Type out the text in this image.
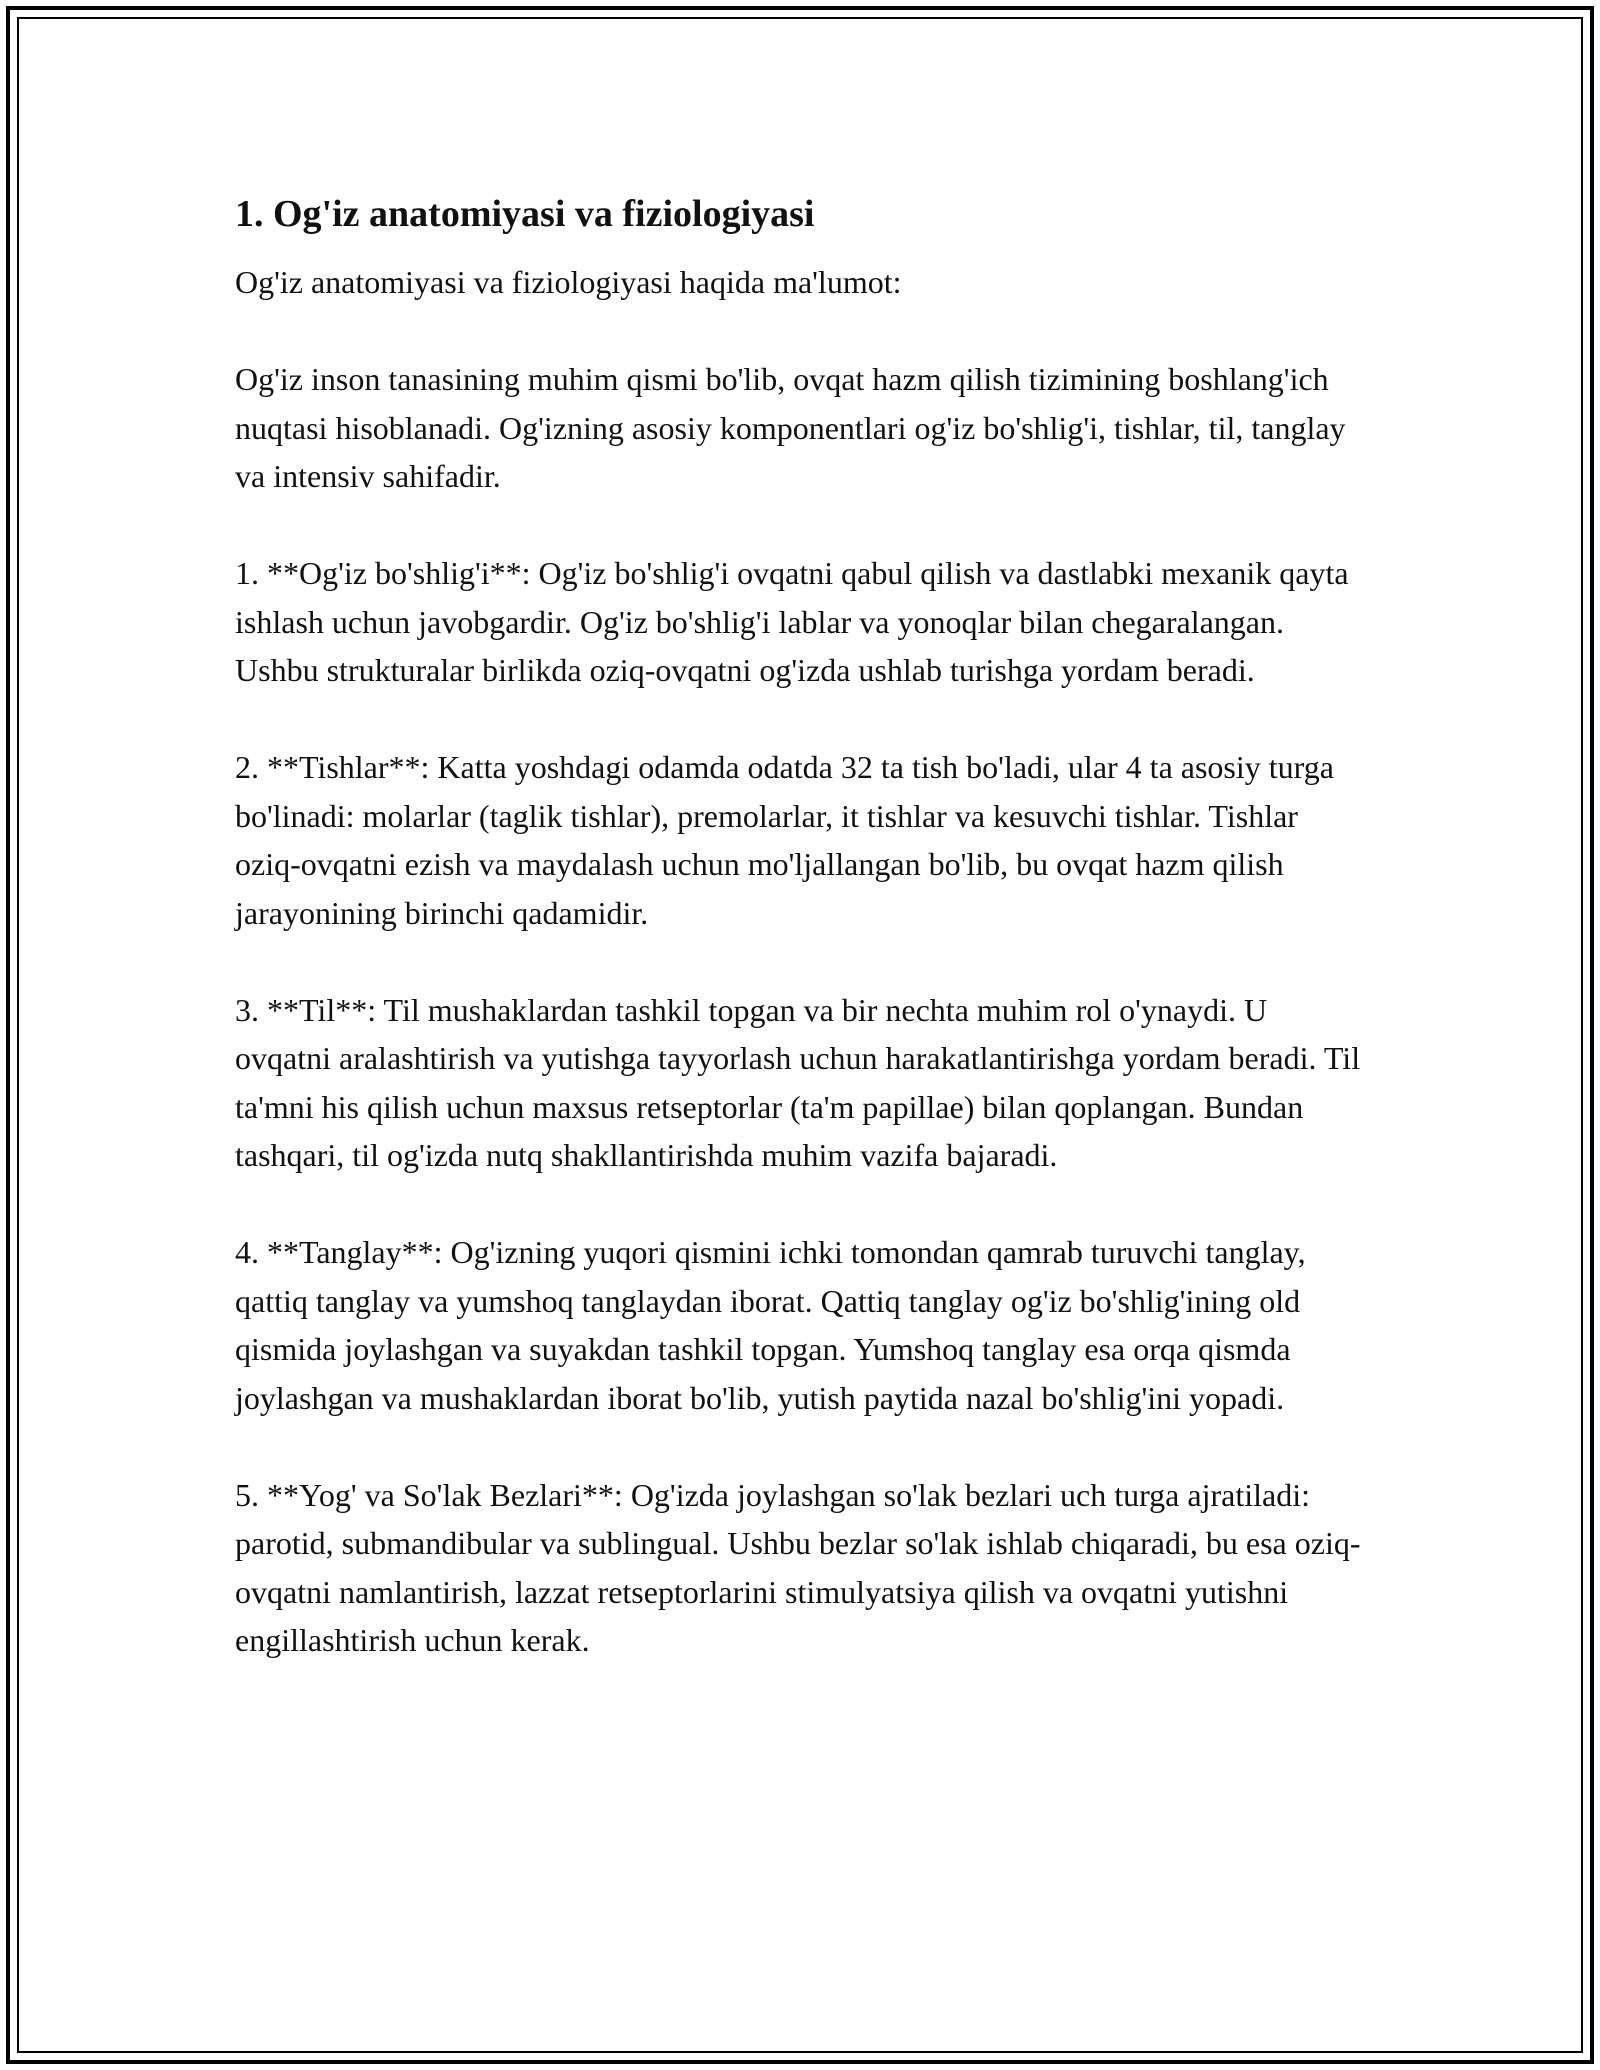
1. Og'iz anatomiyasi va fiziologiyasi

Og'iz anatomiyasi va fiziologiyasi haqida ma'lumot:

Og'iz inson tanasining muhim qismi bo'lib, ovqat hazm qilish tizimining boshlang'ich nuqtasi hisoblanadi. Og'izning asosiy komponentlari og'iz bo'shlig'i, tishlar, til, tanglay va intensiv sahifadir.

1. **Og'iz bo'shlig'i**: Og'iz bo'shlig'i ovqatni qabul qilish va dastlabki mexanik qayta ishlash uchun javobgardir. Og'iz bo'shlig'i lablar va yonoqlar bilan chegaralangan. Ushbu strukturalar birlikda oziq-ovqatni og'izda ushlab turishga yordam beradi.

2. **Tishlar**: Katta yoshdagi odamda odatda 32 ta tish bo'ladi, ular 4 ta asosiy turga bo'linadi: molarlar (taglik tishlar), premolarlar, it tishlar va kesuvchi tishlar. Tishlar oziq-ovqatni ezish va maydalash uchun mo'ljallangan bo'lib, bu ovqat hazm qilish jarayonining birinchi qadamidir.

3. **Til**: Til mushaklardan tashkil topgan va bir nechta muhim rol o'ynaydi. U ovqatni aralashtirish va yutishga tayyorlash uchun harakatlantirishga yordam beradi. Til ta'mni his qilish uchun maxsus retseptorlar (ta'm papillae) bilan qoplangan. Bundan tashqari, til og'izda nutq shakllantirishda muhim vazifa bajaradi.

4. **Tanglay**: Og'izning yuqori qismini ichki tomondan qamrab turuvchi tanglay, qattiq tanglay va yumshoq tanglaydan iborat. Qattiq tanglay og'iz bo'shlig'ining old qismida joylashgan va suyakdan tashkil topgan. Yumshoq tanglay esa orqa qismda joylashgan va mushaklardan iborat bo'lib, yutish paytida nazal bo'shlig'ini yopadi.

5. **Yog' va So'lak Bezlari**: Og'izda joylashgan so'lak bezlari uch turga ajratiladi: parotid, submandibular va sublingual. Ushbu bezlar so'lak ishlab chiqaradi, bu esa oziq-ovqatni namlantirish, lazzat retseptorlarini stimulyatsiya qilish va ovqatni yutishni engillashtirish uchun kerak.
